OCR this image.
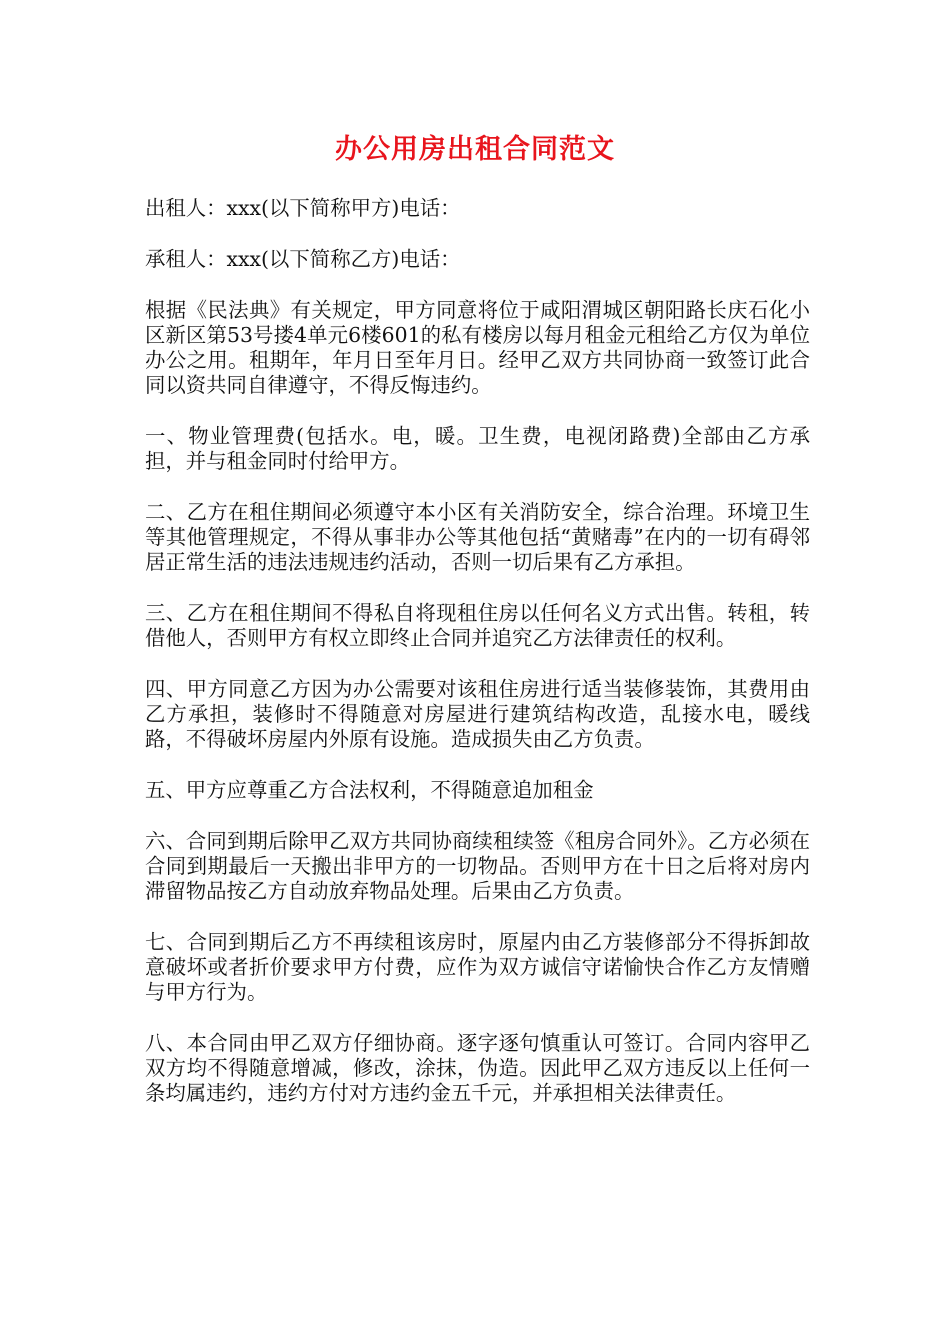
办公用房出租合同范文

出租人：xxx(以下简称甲方)电话：

承租人：xxx(以下简称乙方)电话：

根据《民法典》有关规定，甲方同意将位于咸阳渭城区朝阳路长庆石化小区新区第53号搂4单元6楼601的私有楼房以每月租金元租给乙方仅为单位办公之用。租期年，年月日至年月日。经甲乙双方共同协商一致签订此合同以资共同自律遵守，不得反悔违约。

一、物业管理费(包括水。电，暖。卫生费，电视闭路费)全部由乙方承担，并与租金同时付给甲方。

二、乙方在租住期间必须遵守本小区有关消防安全，综合治理。环境卫生等其他管理规定，不得从事非办公等其他包括“黄赌毒”在内的一切有碍邻居正常生活的违法违规违约活动，否则一切后果有乙方承担。

三、乙方在租住期间不得私自将现租住房以任何名义方式出售。转租，转借他人，否则甲方有权立即终止合同并追究乙方法律责任的权利。

四、甲方同意乙方因为办公需要对该租住房进行适当装修装饰，其费用由乙方承担，装修时不得随意对房屋进行建筑结构改造，乱接水电，暖线路，不得破坏房屋内外原有设施。造成损失由乙方负责。

五、甲方应尊重乙方合法权利，不得随意追加租金

六、合同到期后除甲乙双方共同协商续租续签《租房合同外》。乙方必须在合同到期最后一天搬出非甲方的一切物品。否则甲方在十日之后将对房内滞留物品按乙方自动放弃物品处理。后果由乙方负责。

七、合同到期后乙方不再续租该房时，原屋内由乙方装修部分不得拆卸故意破坏或者折价要求甲方付费，应作为双方诚信守诺愉快合作乙方友情赠与甲方行为。

八、本合同由甲乙双方仔细协商。逐字逐句慎重认可签订。合同内容甲乙双方均不得随意增减，修改，涂抹，伪造。因此甲乙双方违反以上任何一条均属违约，违约方付对方违约金五千元，并承担相关法律责任。
